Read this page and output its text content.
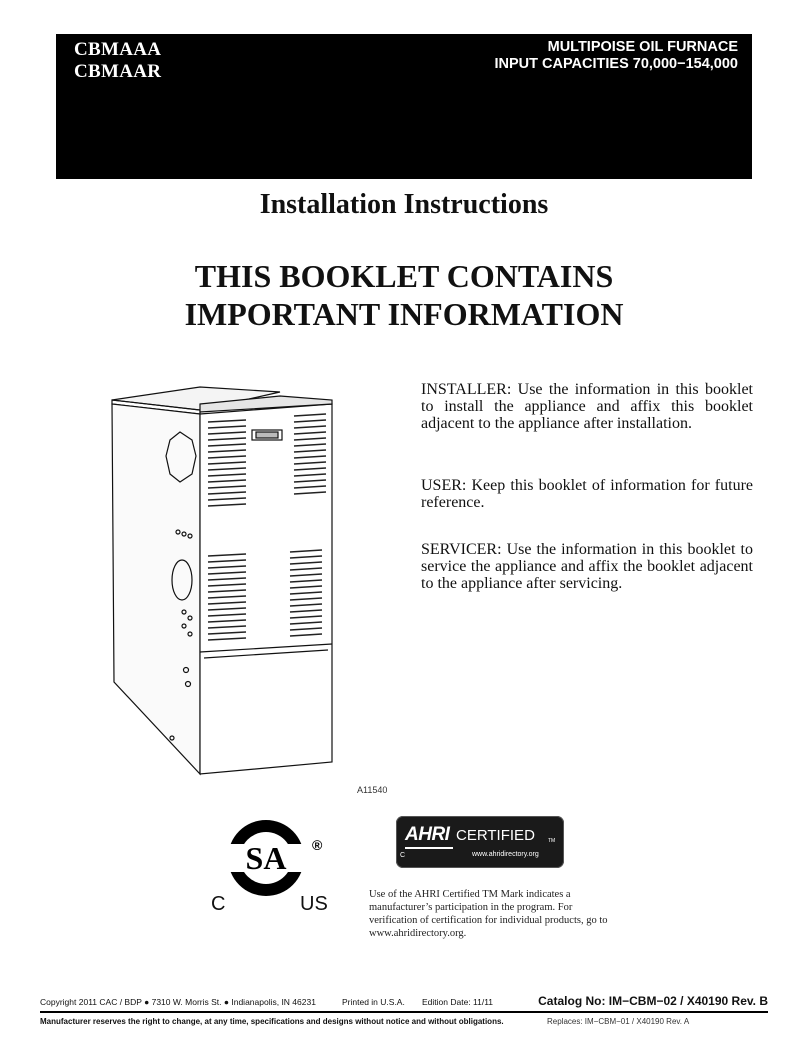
CBMAAA
CBMAAR
MULTIPOISE OIL FURNACE
INPUT CAPACITIES 70,000−154,000
Installation Instructions
THIS BOOKLET CONTAINS
IMPORTANT INFORMATION
A11540
INSTALLER: Use the information in this booklet to install the appliance and affix this booklet adjacent to the appliance after installation.
USER: Keep this booklet of information for future reference.
SERVICER: Use the information in this booklet to service the appliance and affix the booklet adjacent to the appliance after servicing.
SA ®
C	US
AHRI CERTIFIED	TM
C	www.ahridirectory.org
Use of the AHRI Certified TM Mark indicates a manufacturer’s participation in the program. For verification of certification for individual products, go to www.ahridirectory.org.
Copyright 2011 CAC / BDP ● 7310 W. Morris St. ● Indianapolis, IN 46231	Printed in U.S.A. Edition Date: 11/11	Catalog No: IM−CBM−02 / X40190 Rev. B
Manufacturer reserves the right to change, at any time, specifications and designs without notice and without obligations.	Replaces: IM−CBM−01 / X40190 Rev. A
